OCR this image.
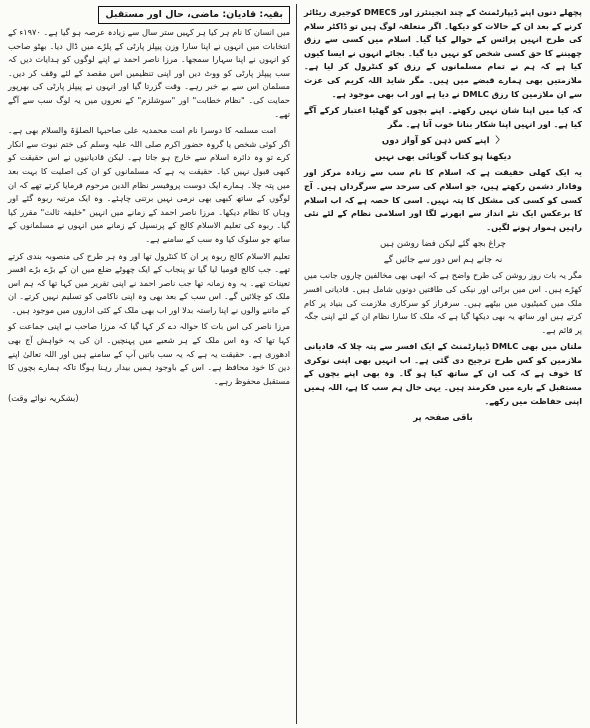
پچھلے دنوں اپنے ڈیپارٹمنٹ کے چند انجینئرز اور DMECS کوجیری ریٹائر کرنے کے بعد ان کے حالات کو دیکھا۔ اگر متعلقہ لوگ ہیں تو ڈاکٹر سلام کی طرح انہیں پرائس کے حوالے کیا گیا۔ اسلام میں کسی سے رزق چھیننے کا حق کسی شخص کو نہیں دیا گیا۔ بجائے انہوں نے ایسا کیوں کیا ہے کہ ہم نے تمام مسلمانوں کے رزق کو کنٹرول کر لیا ہے۔ ملازمتیں بھی ہمارے قبضے میں ہیں۔ مگر شاید اللہ کریم کی عزت سے ان ملازمین کا رزق DMLC نے دیا ہے اور اب بھی موجود ہے۔

کہ کیا میں اپنا شان نہیں رکھتے۔ اپنے بچوں کو گھٹیا اعتبار کرکے آگے کیا ہے۔ اور انہیں اپنا شکار بنانا خوب آتا ہے۔ مگر

〈اپنے کس ذہن کو آواز دوں
دیکھنا ہو کتاب گویائی بھی نہیں

یہ ایک کھلی حقیقت ہے کہ اسلام کا نام سب سے زیادہ مرکز اور وفادار دشمن رکھتے ہیں، جو اسلام کی سرحد سے سرگرداں ہیں۔ آج کسی کو کسی کی مشکل کا پتہ نہیں۔ اسی کا حصہ ہے کہ اب اسلام کا برعکس ایک نئے انداز سے ابھرنے لگا اور اسلامی نظام کے لئے نئی راہیں ہموار ہونے لگیں۔

چراغ بجھ گئے لیکن فضا روشن ہیں
نہ جانے ہم اس دور سے جائیں گے

مگر یہ بات روز روشن کی طرح واضح ہے کہ ابھی بھی مخالفین چاروں جانب میں کھڑے ہیں۔ اس میں برائی اور نیکی کی طاقتیں دونوں شامل ہیں۔ قادیانی افسر ملک میں کمیٹیوں میں بیٹھے ہیں۔ سرفراز کو سرکاری ملازمت کی بنیاد پر کام کرتے ہیں اور ساتھ یہ بھی دیکھا گیا ہے کہ ملک کا سارا نظام ان کے لئے اپنی جگہ پر قائم ہے۔

ملتان میں بھی DMLC ڈیپارٹمنٹ کے ایک افسر سے پتہ چلا کہ قادیانی ملازمین کو کس طرح ترجیح دی گئی ہے۔ اب انہیں بھی اپنی نوکری کا خوف ہے کہ کب ان کے ساتھ کیا ہو گا۔ وہ بھی اپنے بچوں کے مستقبل کے بارے میں فکرمند ہیں۔ یہی حال ہم سب کا ہے، اللہ ہمیں اپنی حفاظت میں رکھے۔

باقی صفحہ پر
بقیہ: قادیان: ماضی، حال اور مستقبل

میں انسان کا نام ہر کیا ہر کہیں ستر سال سے زیادہ عرصہ ہو گیا ہے۔ ۱۹۷۰ء کے انتخابات میں انہوں نے اپنا سارا وزن پیپلز پارٹی کے پلڑے میں ڈال دیا۔ بھٹو صاحب کو انہوں نے اپنا سہارا سمجھا۔ مرزا ناصر احمد نے اپنے لوگوں کو ہدایات دیں کہ سب پیپلز پارٹی کو ووٹ دیں اور اپنی تنظیمیں اس مقصد کے لئے وقف کر دیں۔ مسلمان اس سے بے خبر رہے۔ وقت گزرتا گیا اور انہوں نے پیپلز پارٹی کی بھرپور حمایت کی۔ "نظام خطابت" اور "سوشلزم" کے نعروں میں یہ لوگ سب سے آگے تھے۔

امت مسلمہ کا دوسرا نام امت محمدیہ علی صاحبہا الصلوٰۃ والسلام بھی ہے۔ اگر کوئی شخص یا گروہ حضور اکرم صلی اللہ علیہ وسلم کی ختم نبوت سے انکار کرے تو وہ دائرہ اسلام سے خارج ہو جاتا ہے۔ لیکن قادیانیوں نے اس حقیقت کو کبھی قبول نہیں کیا۔ حقیقت یہ ہے کہ مسلمانوں کو ان کی اصلیت کا بہت بعد میں پتہ چلا۔ ہمارے ایک دوست پروفیسر نظام الدین مرحوم فرمایا کرتے تھے کہ ان لوگوں کے ساتھ کبھی بھی نرمی نہیں برتنی چاہئے۔ وہ ایک مرتبہ ربوہ گئے اور وہاں کا نظام دیکھا۔ مرزا ناصر احمد کے زمانے میں انہیں "خلیفہ ثالث" مقرر کیا گیا۔ ربوہ کی تعلیم الاسلام کالج کے پرنسپل کے زمانے میں انہوں نے مسلمانوں کے ساتھ جو سلوک کیا وہ سب کے سامنے ہے۔

تعلیم الاسلام کالج ربوہ پر ان کا کنٹرول تھا اور وہ ہر طرح کی منصوبہ بندی کرتے تھے۔ جب کالج قومیا لیا گیا تو پنجاب کے ایک چھوٹے ضلع میں ان کے بڑے بڑے افسر تعینات تھے۔ یہ وہ زمانہ تھا جب ناصر احمد نے اپنی تقریر میں کہا تھا کہ ہم اس ملک کو چلائیں گے۔ اس سب کے بعد بھی وہ اپنی ناکامی کو تسلیم نہیں کرتے۔ ان کے ماننے والوں نے اپنا راستہ بدلا اور اب بھی ملک کے کئی اداروں میں موجود ہیں۔

مرزا ناصر کی اس بات کا حوالہ دے کر کہا گیا کہ مرزا صاحب نے اپنی جماعت کو کہا تھا کہ وہ اس ملک کے ہر شعبے میں پہنچیں۔ ان کی یہ خواہش آج بھی ادھوری ہے۔ حقیقت یہ ہے کہ یہ سب باتیں آپ کے سامنے ہیں اور اللہ تعالیٰ اپنے دین کا خود محافظ ہے۔ اس کے باوجود ہمیں بیدار رہنا ہوگا تاکہ ہمارے بچوں کا مستقبل محفوظ رہے۔

(بشکریہ نوائے وقت)
